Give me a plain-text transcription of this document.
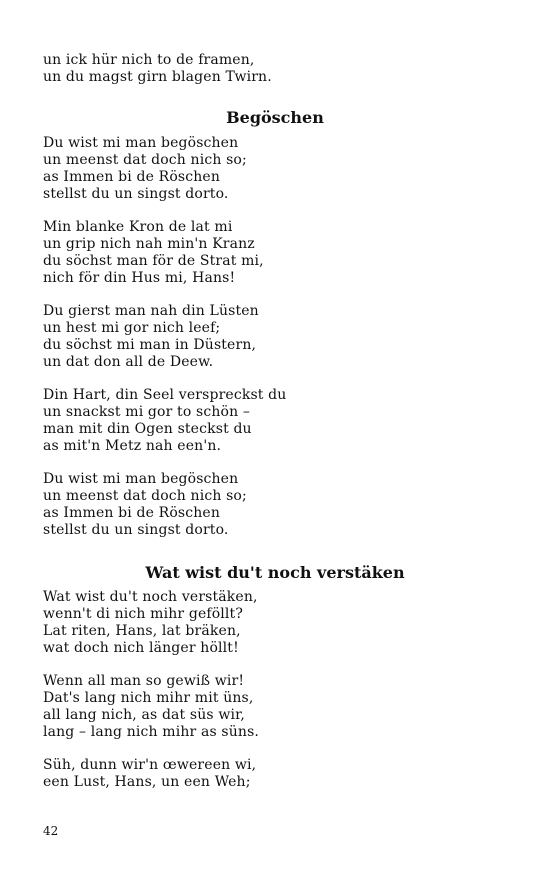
un ick hür nich to de framen,
un du magst girn blagen Twirn.
Begöschen
Du wist mi man begöschen
un meenst dat doch nich so;
as Immen bi de Röschen
stellst du un singst dorto.
Min blanke Kron de lat mi
un grip nich nah min'n Kranz
du söchst man för de Strat mi,
nich för din Hus mi, Hans!
Du gierst man nah din Lüsten
un hest mi gor nich leef;
du söchst mi man in Düstern,
un dat don all de Deew.
Din Hart, din Seel verspreckst du
un snackst mi gor to schön –
man mit din Ogen steckst du
as mit'n Metz nah een'n.
Du wist mi man begöschen
un meenst dat doch nich so;
as Immen bi de Röschen
stellst du un singst dorto.
Wat wist du't noch verstäken
Wat wist du't noch verstäken,
wenn't di nich mihr geföllt?
Lat riten, Hans, lat bräken,
wat doch nich länger höllt!
Wenn all man so gewiß wir!
Dat's lang nich mihr mit üns,
all lang nich, as dat süs wir,
lang – lang nich mihr as süns.
Süh, dunn wir'n œwereen wi,
een Lust, Hans, un een Weh;
42
